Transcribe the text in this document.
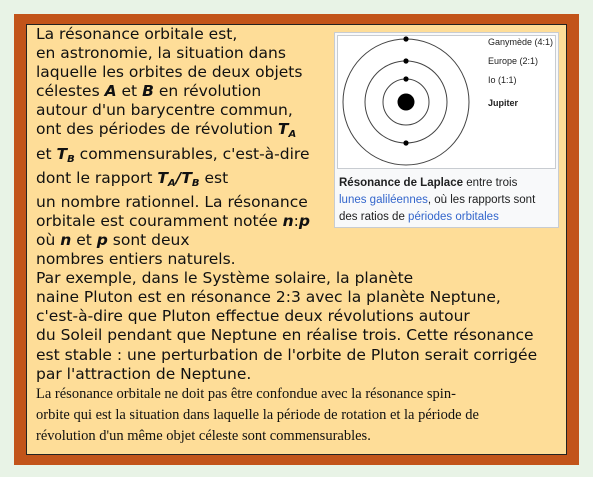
La résonance orbitale est,
en astronomie, la situation dans
laquelle les orbites de deux objets
célestes A et B en révolution
autour d'un barycentre commun,
ont des périodes de révolution $T_A$
et $T_B$ commensurables, c'est-à-dire
dont le rapport $T_A/T_B$ est
un nombre rationnel. La résonance
orbitale est couramment notée n:p
où n et p sont deux
nombres entiers naturels.
Par exemple, dans le Système solaire, la planète
naine Pluton est en résonance 2:3 avec la planète Neptune,
c'est-à-dire que Pluton effectue deux révolutions autour
du Soleil pendant que Neptune en réalise trois. Cette résonance
est stable : une perturbation de l'orbite de Pluton serait corrigée
par l'attraction de Neptune.
La résonance orbitale ne doit pas être confondue avec la résonance spin-
orbite qui est la situation dans laquelle la période de rotation et la période de
révolution d'un même objet céleste sont commensurables.
Ganymède (4:1)
Europe (2:1)
Io (1:1)
Jupiter
Résonance de Laplace entre trois
lunes galiléennes, où les rapports sont
des ratios de périodes orbitales
